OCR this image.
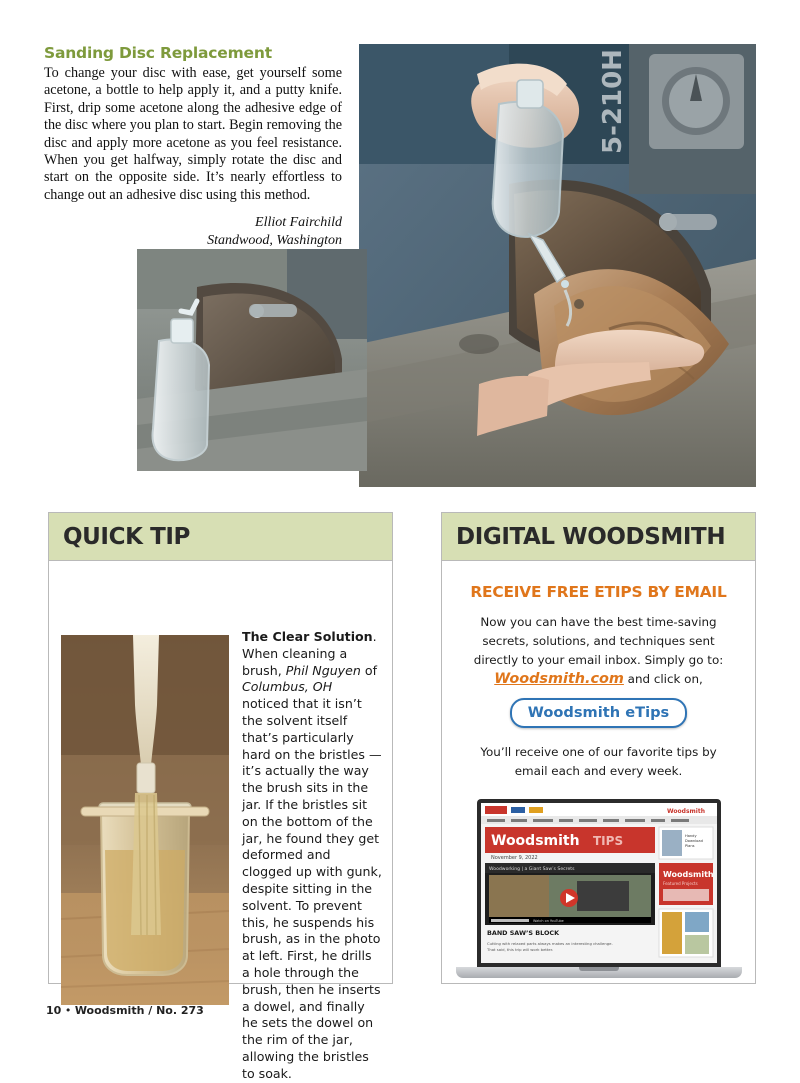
Sanding Disc Replacement

To change your disc with ease, get yourself some acetone, a bottle to help apply it, and a putty knife. First, drip some acetone along the adhesive edge of the disc where you plan to start. Begin removing the disc and apply more acetone as you feel resistance. When you get halfway, simply rotate the disc and start on the opposite side. It’s nearly effortless to change out an adhesive disc using this method.

Elliot Fairchild
Standwood, Washington
5-210H
QUICK TIP
The Clear Solution. When cleaning a brush, Phil Nguyen of Columbus, OH noticed that it isn’t the solvent itself that’s particularly hard on the bristles — it’s actually the way the brush sits in the jar. If the bristles sit on the bottom of the jar, he found they get deformed and clogged up with gunk, despite sitting in the solvent. To prevent this, he suspends his brush, as in the photo at left. First, he drills a hole through the brush, then he inserts a dowel, and finally he sets the dowel on the rim of the jar, allowing the bristles to soak.
DIGITAL WOODSMITH
RECEIVE FREE ETIPS BY EMAIL
Now you can have the best time-saving secrets, solutions, and techniques sent directly to your email inbox. Simply go to: Woodsmith.com and click on,
Woodsmith eTips
You’ll receive one of our favorite tips by email each and every week.
Woodsmith
Woodsmith TIPS
November 9, 2022
Woodworking | a Giant Saw’s Secrets
Watch on YouTube
BAND SAW’S BLOCK
Cutting with relaxed parts always makes an interesting challenge.
That said, this trip will work better.
Handy
Download
Plans
Woodsmith
Featured Projects
10 • Woodsmith / No. 273
